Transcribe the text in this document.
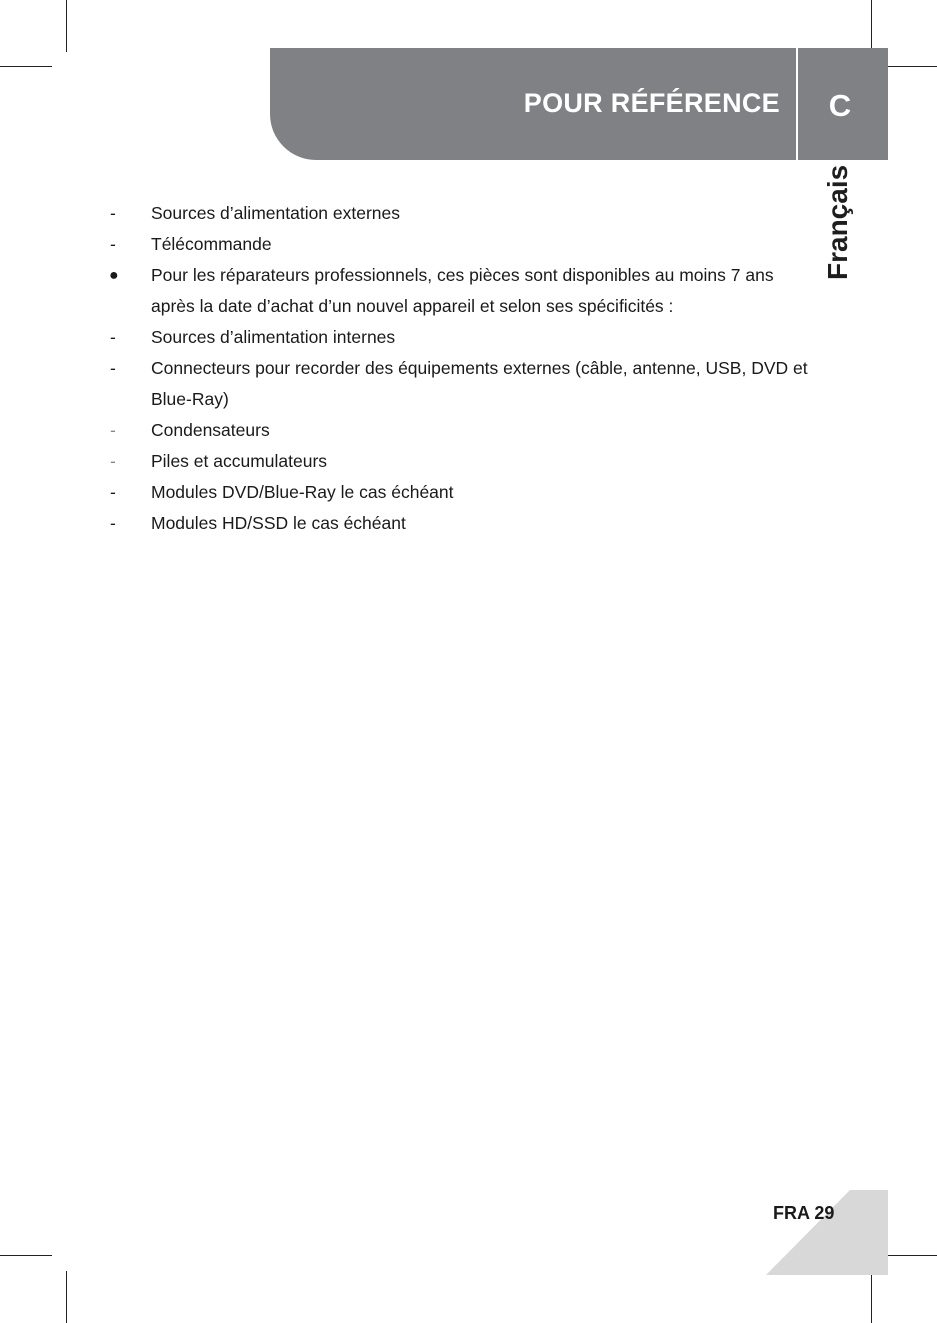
POUR RÉFÉRENCE	C
Français
-	Sources d’alimentation externes
-	Télécommande
●	Pour les réparateurs professionnels, ces pièces sont disponibles au moins 7 ans après la date d’achat d’un nouvel appareil et selon ses spécificités :
-	Sources d’alimentation internes
-	Connecteurs pour recorder des équipements externes (câble, antenne, USB, DVD et Blue-Ray)
-	Condensateurs
-	Piles et accumulateurs
-	Modules DVD/Blue-Ray le cas échéant
-	Modules HD/SSD le cas échéant
FRA 29
